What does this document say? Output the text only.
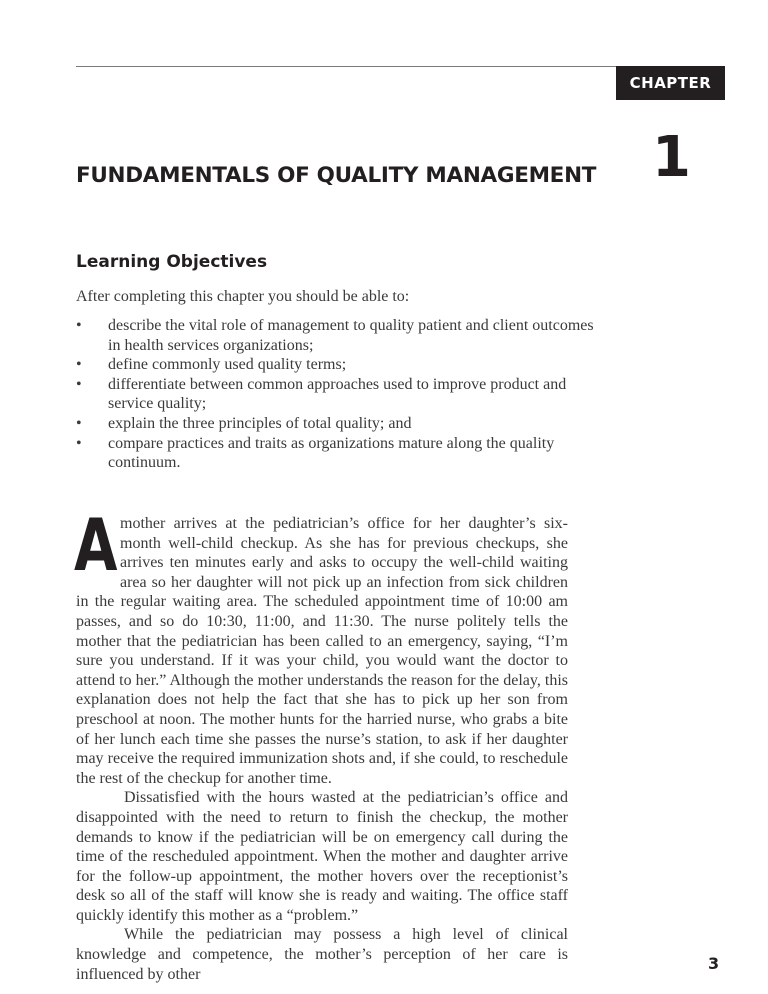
CHAPTER
1
FUNDAMENTALS OF QUALITY MANAGEMENT
Learning Objectives
After completing this chapter you should be able to:
• describe the vital role of management to quality patient and client outcomes in health services organizations;
• define commonly used quality terms;
• differentiate between common approaches used to improve product and service quality;
• explain the three principles of total quality; and
• compare practices and traits as organizations mature along the quality continuum.

A mother arrives at the pediatrician’s office for her daughter’s six-month well-child checkup. As she has for previous checkups, she arrives ten minutes early and asks to occupy the well-child waiting area so her daughter will not pick up an infection from sick children in the regular waiting area. The scheduled appointment time of 10:00 am passes, and so do 10:30, 11:00, and 11:30. The nurse politely tells the mother that the pediatrician has been called to an emergency, saying, “I’m sure you understand. If it was your child, you would want the doctor to attend to her.” Although the mother understands the reason for the delay, this explanation does not help the fact that she has to pick up her son from preschool at noon. The mother hunts for the harried nurse, who grabs a bite of her lunch each time she passes the nurse’s station, to ask if her daughter may receive the required immunization shots and, if she could, to reschedule the rest of the checkup for another time.

Dissatisfied with the hours wasted at the pediatrician’s office and disappointed with the need to return to finish the checkup, the mother demands to know if the pediatrician will be on emergency call during the time of the rescheduled appointment. When the mother and daughter arrive for the follow-up appointment, the mother hovers over the receptionist’s desk so all of the staff will know she is ready and waiting. The office staff quickly identify this mother as a “problem.”

While the pediatrician may possess a high level of clinical knowledge and competence, the mother’s perception of her care is influenced by other

3
